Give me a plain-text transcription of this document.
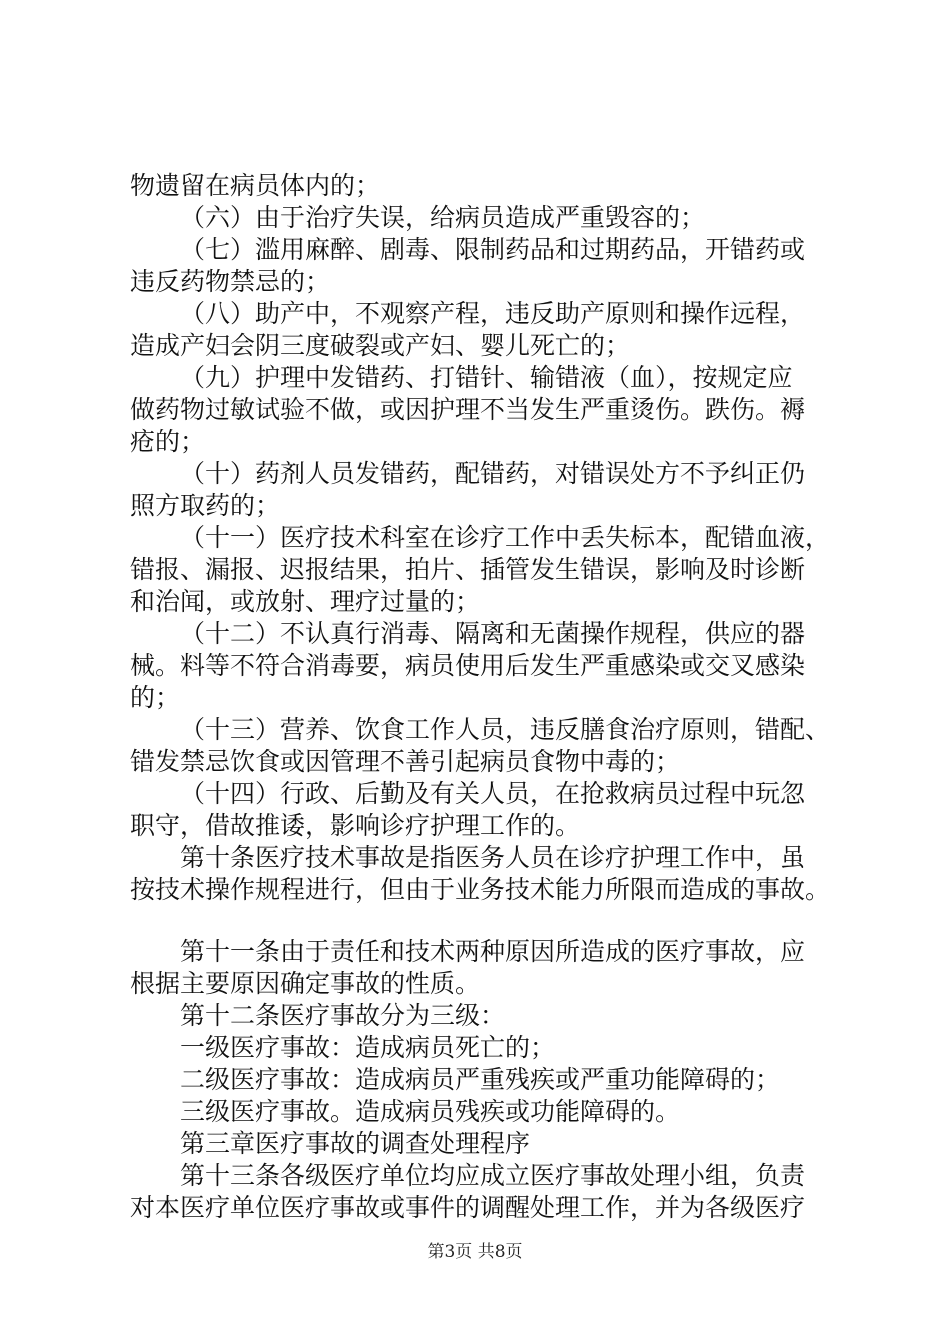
物遗留在病员体内的；
（六）由于治疗失误，给病员造成严重毁容的；
（七）滥用麻醉、剧毒、限制药品和过期药品，开错药或
违反药物禁忌的；
（八）助产中，不观察产程，违反助产原则和操作远程，
造成产妇会阴三度破裂或产妇、婴儿死亡的；
（九）护理中发错药、打错针、输错液（血），按规定应
做药物过敏试验不做，或因护理不当发生严重烫伤。跌伤。褥
疮的；
（十）药剂人员发错药，配错药，对错误处方不予纠正仍
照方取药的；
（十一）医疗技术科室在诊疗工作中丢失标本，配错血液，
错报、漏报、迟报结果，拍片、插管发生错误，影响及时诊断
和治闻，或放射、理疗过量的；
（十二）不认真行消毒、隔离和无菌操作规程，供应的器
械。料等不符合消毒要，病员使用后发生严重感染或交叉感染
的；
（十三）营养、饮食工作人员，违反膳食治疗原则，错配、
错发禁忌饮食或因管理不善引起病员食物中毒的；
（十四）行政、后勤及有关人员，在抢救病员过程中玩忽
职守，借故推诿，影响诊疗护理工作的。
第十条医疗技术事故是指医务人员在诊疗护理工作中，虽
按技术操作规程进行，但由于业务技术能力所限而造成的事故。
第十一条由于责任和技术两种原因所造成的医疗事故，应
根据主要原因确定事故的性质。
第十二条医疗事故分为三级：
一级医疗事故：造成病员死亡的；
二级医疗事故：造成病员严重残疾或严重功能障碍的；
三级医疗事故。造成病员残疾或功能障碍的。
第三章医疗事故的调查处理程序
第十三条各级医疗单位均应成立医疗事故处理小组，负责
对本医疗单位医疗事故或事件的调醒处理工作，并为各级医疗
第3页 共8页
